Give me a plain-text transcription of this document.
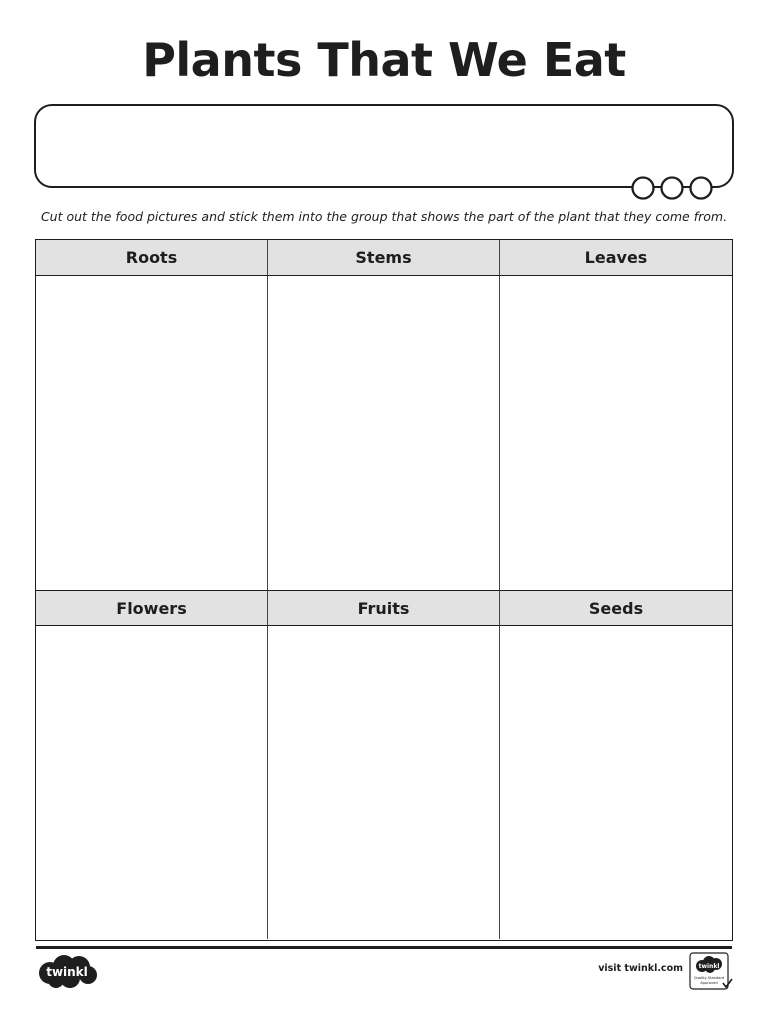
Plants That We Eat
Cut out the food pictures and stick them into the group that shows the part of the plant that they come from.
Roots	Stems	Leaves
Flowers	Fruits	Seeds
twinkl	visit twinkl.com	twinkl
Quality Standard
Approved
